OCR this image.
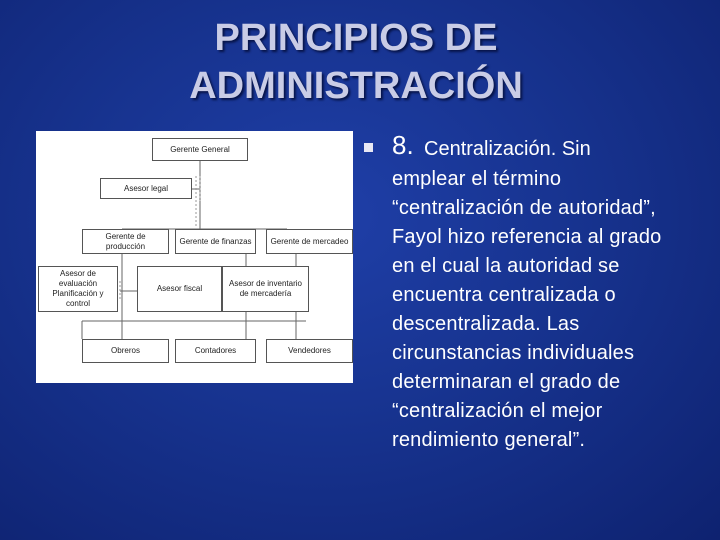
PRINCIPIOS DE
ADMINISTRACIÓN
Gerente General
Asesor legal
Gerente de producción
Gerente de finanzas	Gerente de mercadeo
Asesor de evaluación
Planificación y control
Asesor fiscal
Asesor de inventario
de mercadería
Obreros	Contadores	Vendedores
8. Centralización. Sin
emplear el término
“centralización de autoridad”,
Fayol hizo referencia al grado
en el cual la autoridad se
encuentra centralizada o
descentralizada. Las
circunstancias individuales
determinaran el grado de
“centralización el mejor
rendimiento general”.
